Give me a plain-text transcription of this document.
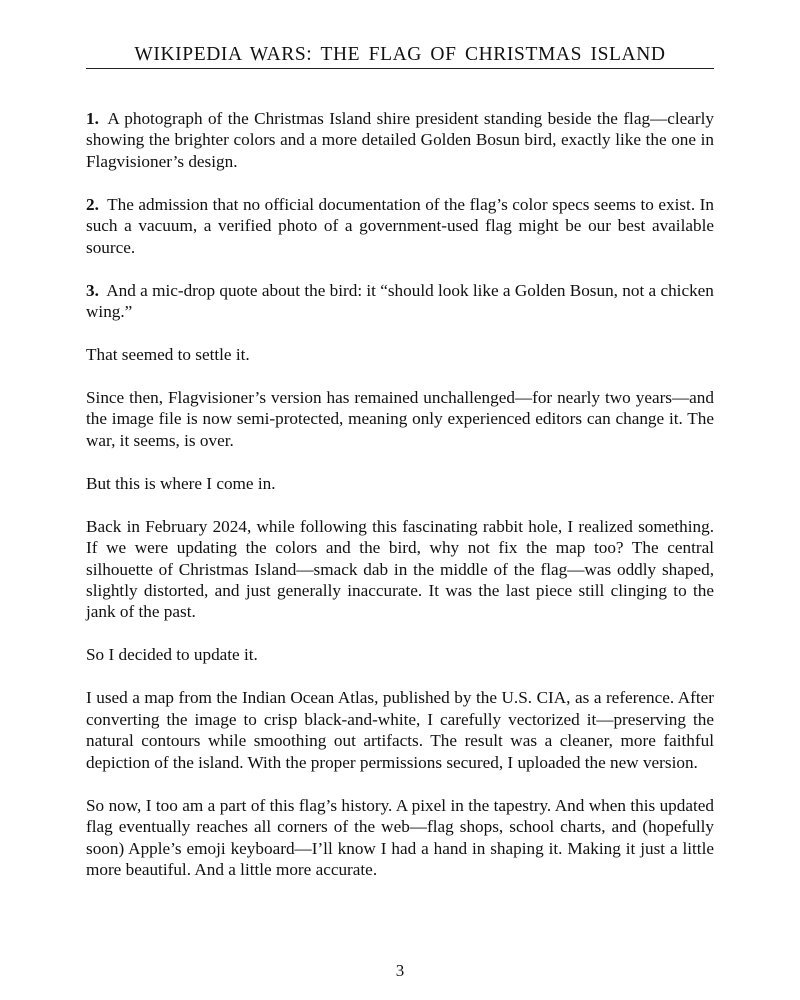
WIKIPEDIA WARS: THE FLAG OF CHRISTMAS ISLAND

1. A photograph of the Christmas Island shire president standing beside the flag—clearly showing the brighter colors and a more detailed Golden Bosun bird, exactly like the one in Flagvisioner’s design.

2. The admission that no official documentation of the flag’s color specs seems to exist. In such a vacuum, a verified photo of a government-used flag might be our best available source.

3. And a mic-drop quote about the bird: it “should look like a Golden Bosun, not a chicken wing.”

That seemed to settle it.

Since then, Flagvisioner’s version has remained unchallenged—for nearly two years—and the image file is now semi-protected, meaning only experienced editors can change it. The war, it seems, is over.

But this is where I come in.

Back in February 2024, while following this fascinating rabbit hole, I realized something. If we were updating the colors and the bird, why not fix the map too? The central silhouette of Christmas Island—smack dab in the middle of the flag—was oddly shaped, slightly distorted, and just generally inaccurate. It was the last piece still clinging to the jank of the past.

So I decided to update it.

I used a map from the Indian Ocean Atlas, published by the U.S. CIA, as a reference. After converting the image to crisp black-and-white, I carefully vectorized it—preserving the natural contours while smoothing out artifacts. The result was a cleaner, more faithful depiction of the island. With the proper permissions secured, I uploaded the new version.

So now, I too am a part of this flag’s history. A pixel in the tapestry. And when this updated flag eventually reaches all corners of the web—flag shops, school charts, and (hopefully soon) Apple’s emoji keyboard—I’ll know I had a hand in shaping it. Making it just a little more beautiful. And a little more accurate.

3
